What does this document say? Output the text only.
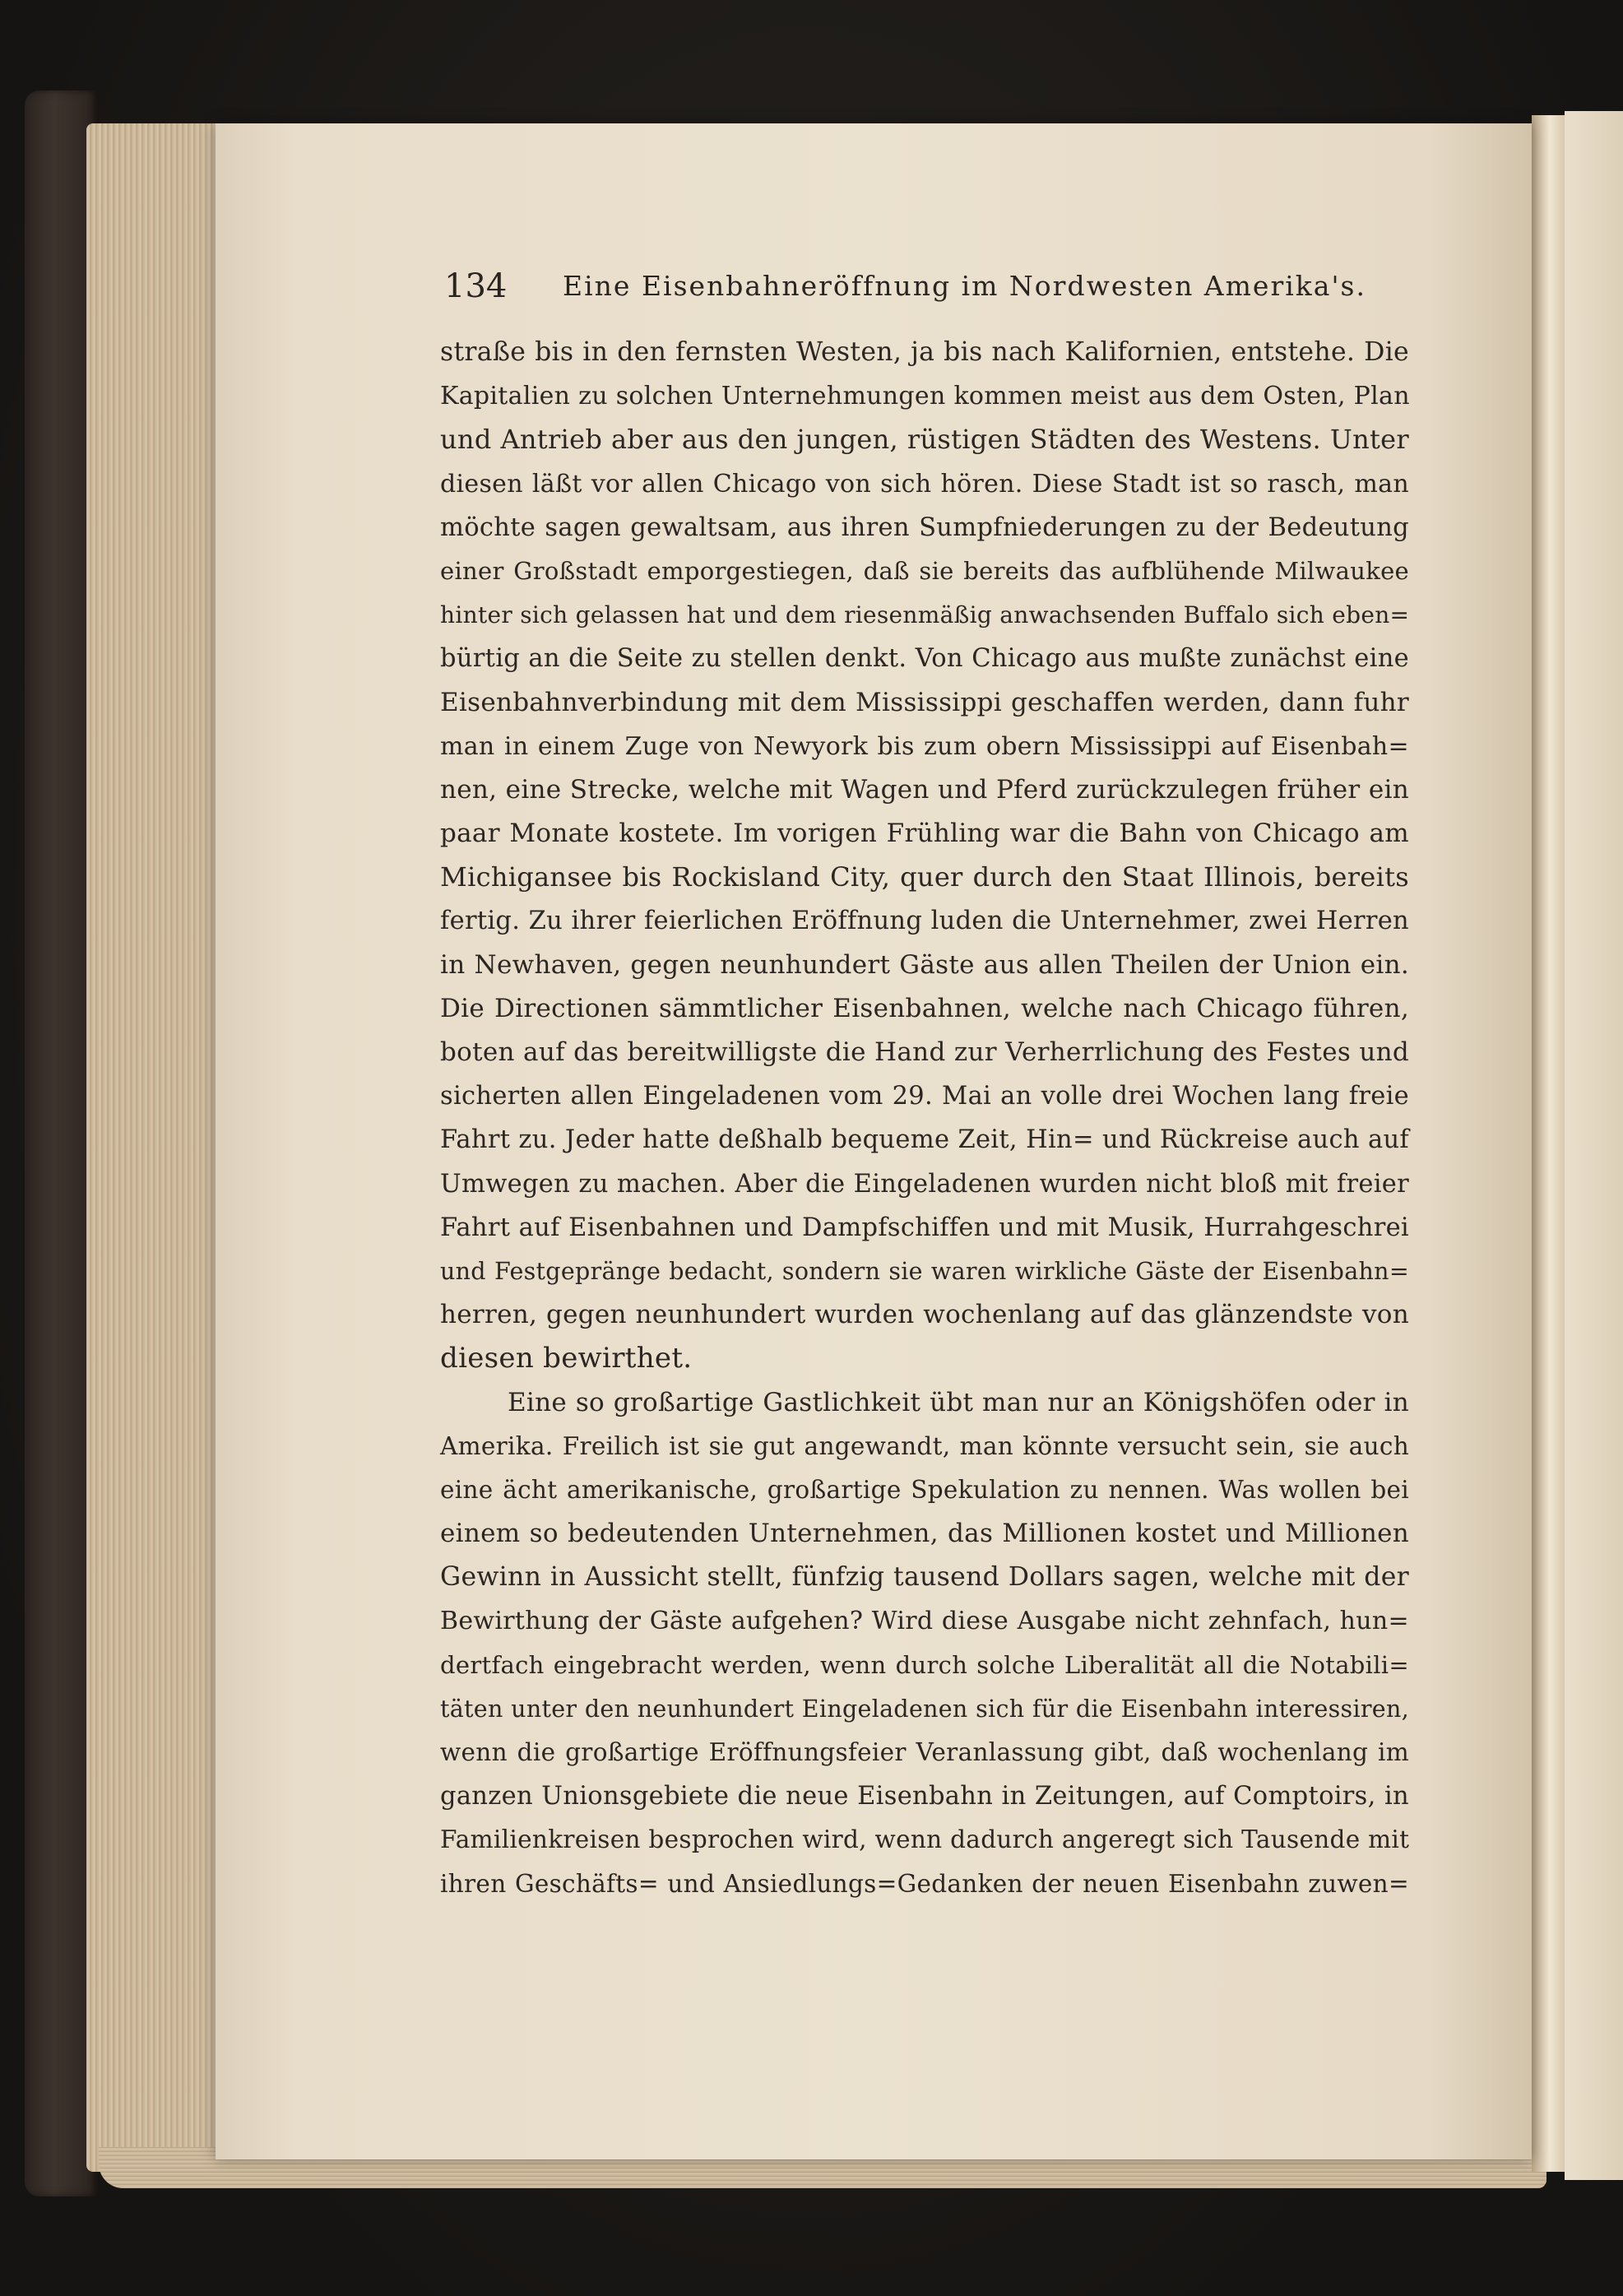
134	Eine Eisenbahneröffnung im Nordwesten Amerika's.
straße bis in den fernsten Westen, ja bis nach Kalifornien, entstehe. Die
Kapitalien zu solchen Unternehmungen kommen meist aus dem Osten, Plan
und Antrieb aber aus den jungen, rüstigen Städten des Westens. Unter
diesen läßt vor allen Chicago von sich hören. Diese Stadt ist so rasch, man
möchte sagen gewaltsam, aus ihren Sumpfniederungen zu der Bedeutung
einer Großstadt emporgestiegen, daß sie bereits das aufblühende Milwaukee
hinter sich gelassen hat und dem riesenmäßig anwachsenden Buffalo sich eben=
bürtig an die Seite zu stellen denkt. Von Chicago aus mußte zunächst eine
Eisenbahnverbindung mit dem Mississippi geschaffen werden, dann fuhr
man in einem Zuge von Newyork bis zum obern Mississippi auf Eisenbah=
nen, eine Strecke, welche mit Wagen und Pferd zurückzulegen früher ein
paar Monate kostete. Im vorigen Frühling war die Bahn von Chicago am
Michigansee bis Rockisland City, quer durch den Staat Illinois, bereits
fertig. Zu ihrer feierlichen Eröffnung luden die Unternehmer, zwei Herren
in Newhaven, gegen neunhundert Gäste aus allen Theilen der Union ein.
Die Directionen sämmtlicher Eisenbahnen, welche nach Chicago führen,
boten auf das bereitwilligste die Hand zur Verherrlichung des Festes und
sicherten allen Eingeladenen vom 29. Mai an volle drei Wochen lang freie
Fahrt zu. Jeder hatte deßhalb bequeme Zeit, Hin= und Rückreise auch auf
Umwegen zu machen. Aber die Eingeladenen wurden nicht bloß mit freier
Fahrt auf Eisenbahnen und Dampfschiffen und mit Musik, Hurrahgeschrei
und Festgepränge bedacht, sondern sie waren wirkliche Gäste der Eisenbahn=
herren, gegen neunhundert wurden wochenlang auf das glänzendste von
diesen bewirthet.
Eine so großartige Gastlichkeit übt man nur an Königshöfen oder in
Amerika. Freilich ist sie gut angewandt, man könnte versucht sein, sie auch
eine ächt amerikanische, großartige Spekulation zu nennen. Was wollen bei
einem so bedeutenden Unternehmen, das Millionen kostet und Millionen
Gewinn in Aussicht stellt, fünfzig tausend Dollars sagen, welche mit der
Bewirthung der Gäste aufgehen? Wird diese Ausgabe nicht zehnfach, hun=
dertfach eingebracht werden, wenn durch solche Liberalität all die Notabili=
täten unter den neunhundert Eingeladenen sich für die Eisenbahn interessiren,
wenn die großartige Eröffnungsfeier Veranlassung gibt, daß wochenlang im
ganzen Unionsgebiete die neue Eisenbahn in Zeitungen, auf Comptoirs, in
Familienkreisen besprochen wird, wenn dadurch angeregt sich Tausende mit
ihren Geschäfts= und Ansiedlungs=Gedanken der neuen Eisenbahn zuwen=
